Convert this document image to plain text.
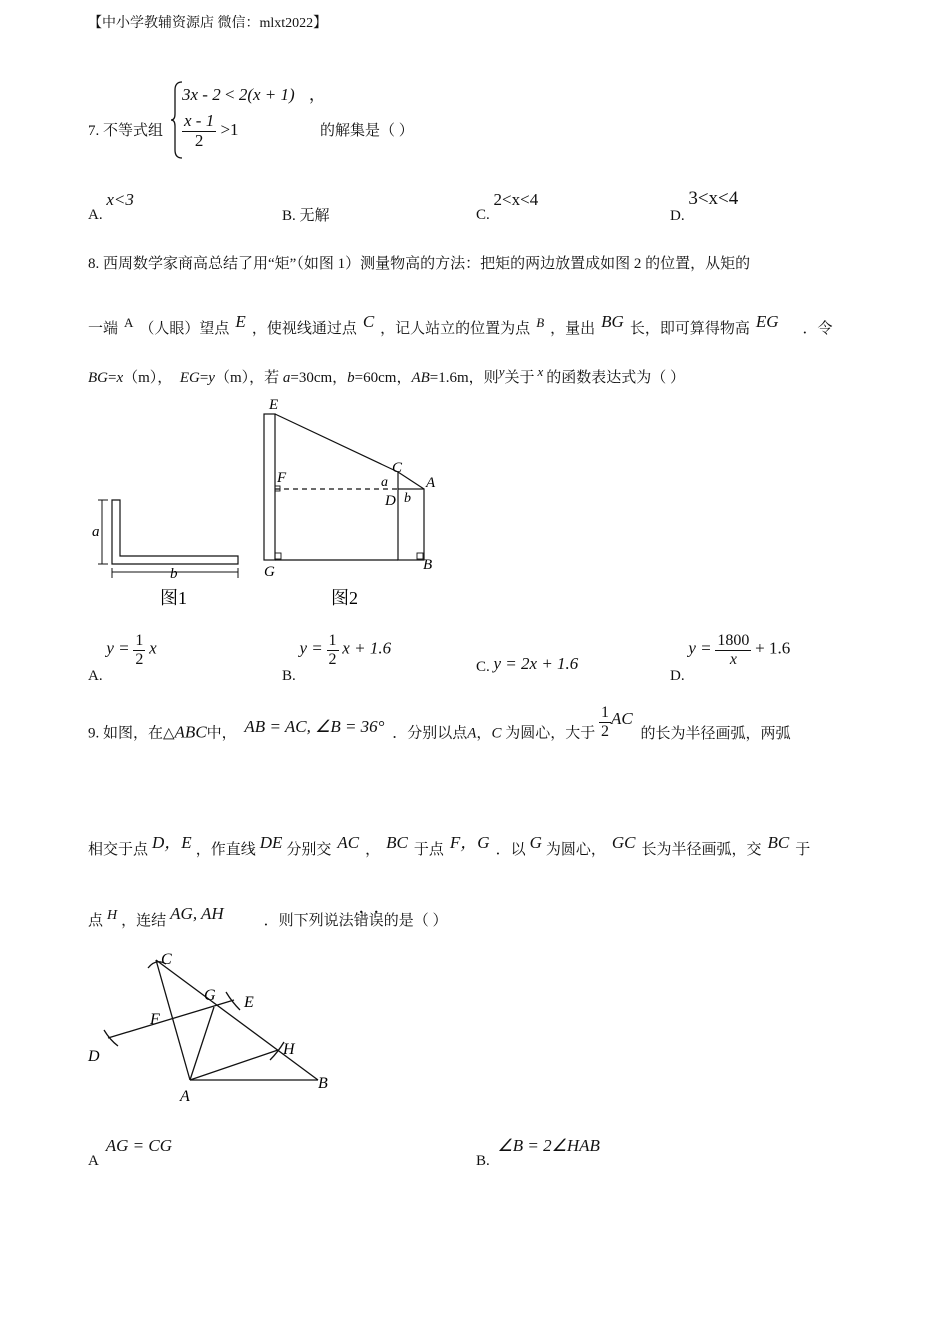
【中小学教辅资源店 微信：mlxt2022】
7. 不等式组
3x - 2 < 2(x + 1) ，
$\frac{x - 1}{2} >1$	的解集是（ ）
A. x<3
B. 无解	C. 2<x<4
D. 3<x<4
8. 西周数学家商高总结了用“矩”（如图 1）测量物高的方法：把矩的两边放置成如图 2 的位置，从矩的
一端 $^A$ （人眼）望点 $^E$ ，使视线通过点 $^C$ ，记人站立的位置为点 $^B$ ，量出 $^{BG}$ 长，即可算得物高 $^{EG}$ ．令
BG=x（m）， EG=y（m），若 a=30cm，b=60cm，AB=1.6m，则$^y$关于 $^x$ 的函数表达式为（ ）
a
b
图1
E
F
C
a	A
D b
G	B
图2
A. $y = \frac{1}{2}$ x
B. $y = \frac{1}{2}$ x + 1.6
C. y = 2x + 1.6
D. $y = \frac{1800}{x} + 1.6$
9. 如图，在△ABC中， $^{AB = AC, \angle B = 36^\circ}$ ．分别以点A，C 为圆心，大于 $\frac{1}{2}$ AC 的长为半径画弧，两弧
相交于点 $^{D,E}$ ，作直线 $^{DE}$ 分别交 $^{AC}$ ， $^{BC}$ 于点 $^{F,G}$ ．以 $^G$ 为圆心， $^{GC}$ 长为半径画弧，交 $^{BC}$ 于
点 $^H$ ，连结 $^{AG, AH}$	．则下列说法错误的是（ ）
C
G E
F
D	H
A
B
A AG = CG
B. ∠B = 2∠HAB
